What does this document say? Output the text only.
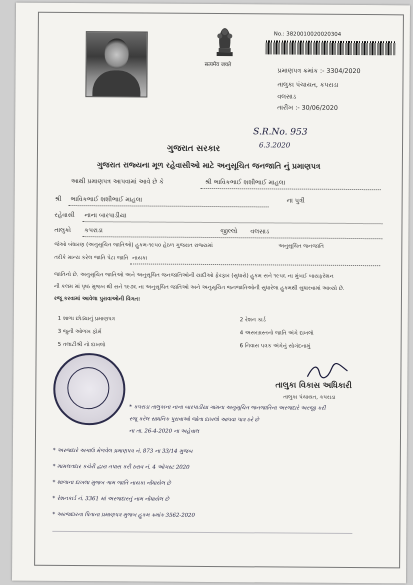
सत्यमेव जयते
No.: 3820010020020304
પ્રમાણપત્ર ક્રમાંક :- 3304/2020
તાલુકા પંચાયત, કપરાડા
વલસાડ
તારીખ :- 30/06/2020
S.R.No. 953
6.3.2020
ગુજરાત સરકાર
ગુજરાત રાજ્યના મૂળ રહેવાસીઓ માટે અનુસૂચિત જનજાતિ નું પ્રમાણપત્ર
આથી પ્રમાણપત્ર આપવામાં આવે છે કે	શ્રી ભાવિકભાઈ શશીભાઈ માહલા
શ્રી ભાવિકભાઈ શશીભાઈ માહલા	ના પુત્રી
રહેવાસી નાના બારપાડીયા
તાલુકો કપરાડા	જીલ્લો વલસાડ
જેઓ બંધારણ (અનુસૂચિત જાતિઓ) હુકમ-૧૯૫૦ હેઠળ ગુજરાત રાજ્યમાં	અનુસૂચિત જનજાતિ
તરીકે માન્ય કરેલ જાતિ પેટા જાતિ નાયકા
જાતિનો છે. અનુસૂચિત જાતિઓ અને અનુસૂચિત જનજાતિઓની યાદીઓ ફેરફાર (સુધારો) હુકમ સને ૧૯૫૬ ના મુંબઈ બાયફરેશન
ની કલમ માં પૃષ્ઠ મુજબ થી સને ૧૯૭૬ ના અનુસૂચિત જાતિઓ અને અનુસૂચિત જનજાતિઓની સુધારેલા હુકમથી સુધારવામાં આવ્યો છે.
રજૂ કરવામાં આવેલા પુરાવાઓની વિગત:
1 શાળા છોડ્યાનું પ્રમાણપત્ર	2 રેશન કાર્ડ
3 જુની ઓળખ ફોર્મ	4 અસરગ્રસ્તનો જાતિ અંગે દાખલો
5 તલાટીશ્રી નો દાખલો	6 નિવાસ પત્રક અંગેનું સોગંદનામું
તાલુકા વિકાસ અધિકારી
તાલુકા પંચાયત, કપરાડા
* કપરાડા તાલુકાના નાના બારપાડીયા ગામના અનુસૂચિત જનજાતિના અરજદારે અરજી કરી
રજૂ કરેલ સાધનિક પુરાવાઓ જોતા દાખલો આપવા પાત્ર ઠરે છે
ના તા. 26-4-2020 ના અહેવાલ
* અરજદારે અગાઉ મેળવેલ પ્રમાણપત્ર નં. 873 ના 33/14 મુજબ
* મામલતદાર કચેરી દ્વારા તપાસ કરી ઠરાવ નં. 4 ઓગસ્ટ 2020
* શાળાના દાખલા મુજબ ગામ જાતિ નાયકા નોંધાયેલ છે
* રેશનકાર્ડ નં. 3361 માં અરજદારનું નામ નોંધાયેલ છે
* અરજદારના પિતાના પ્રમાણપત્ર મુજબ હુકમ ક્રમાંક 3562-2020
